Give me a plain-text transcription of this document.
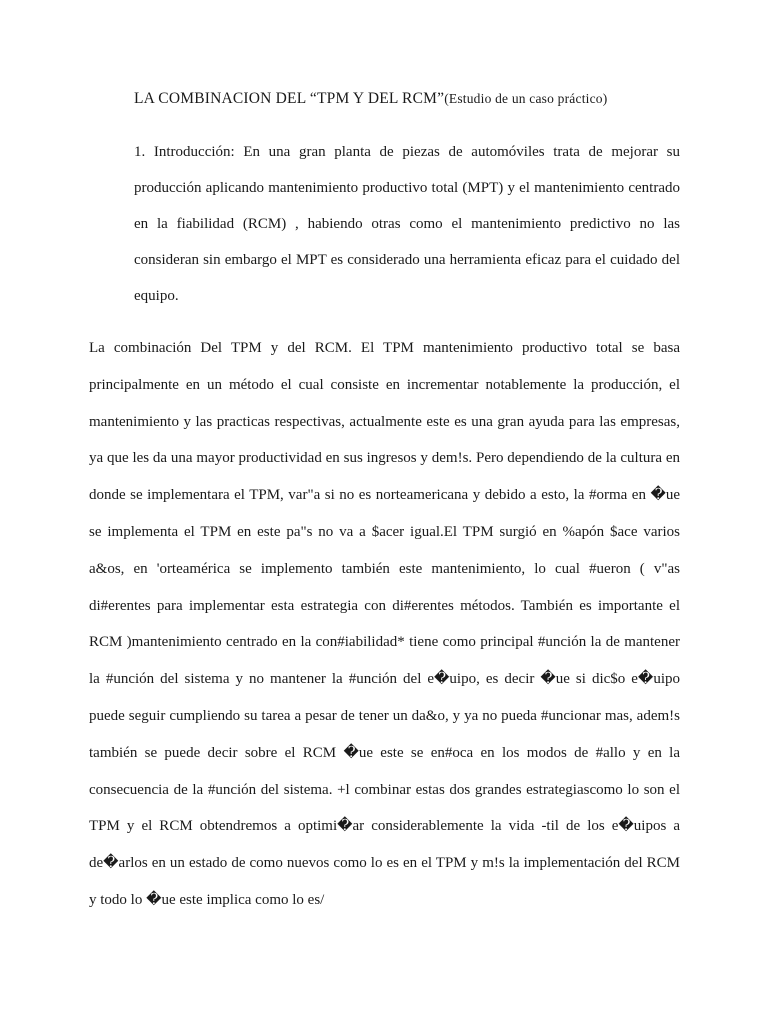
LA COMBINACION DEL “TPM Y DEL RCM”(Estudio de un caso práctico)

1. Introducción: En una gran planta de piezas de automóviles trata de mejorar su producción aplicando mantenimiento productivo total (MPT) y el mantenimiento centrado en la fiabilidad (RCM) , habiendo otras como el mantenimiento predictivo no las consideran sin embargo el MPT es considerado una herramienta eficaz para el cuidado del equipo.

La combinación Del TPM y del RCM. El TPM mantenimiento productivo total se basa principalmente en un método el cual consiste en incrementar notablemente la producción, el mantenimiento y las practicas respectivas, actualmente este es una gran ayuda para las empresas, ya que les da una mayor productividad en sus ingresos y dem!s. Pero dependiendo de la cultura en donde se implementara el TPM, var"a si no es norteamericana y debido a esto, la #orma en �ue se implementa el TPM en este pa"s no va a $acer igual.El TPM surgió en %apón $ace varios a&os, en 'orteamérica se implemento también este mantenimiento, lo cual #ueron ( v"as di#erentes para implementar esta estrategia con di#erentes métodos. También es importante el RCM )mantenimiento centrado en la con#iabilidad* tiene como principal #unción la de mantener la #unción del sistema y no mantener la #unción del e�uipo, es decir �ue si dic$o e�uipo puede seguir cumpliendo su tarea a pesar de tener un da&o, y ya no pueda #uncionar mas, adem!s también se puede decir sobre el RCM �ue este se en#oca en los modos de #allo y en la consecuencia de la #unción del sistema. +l combinar estas dos grandes estrategiascomo lo son el TPM y el RCM obtendremos a optimi�ar considerablemente la vida -til de los e�uipos a de�arlos en un estado de como nuevos como lo es en el TPM y m!s la implementación del RCM y todo lo �ue este implica como lo es/
